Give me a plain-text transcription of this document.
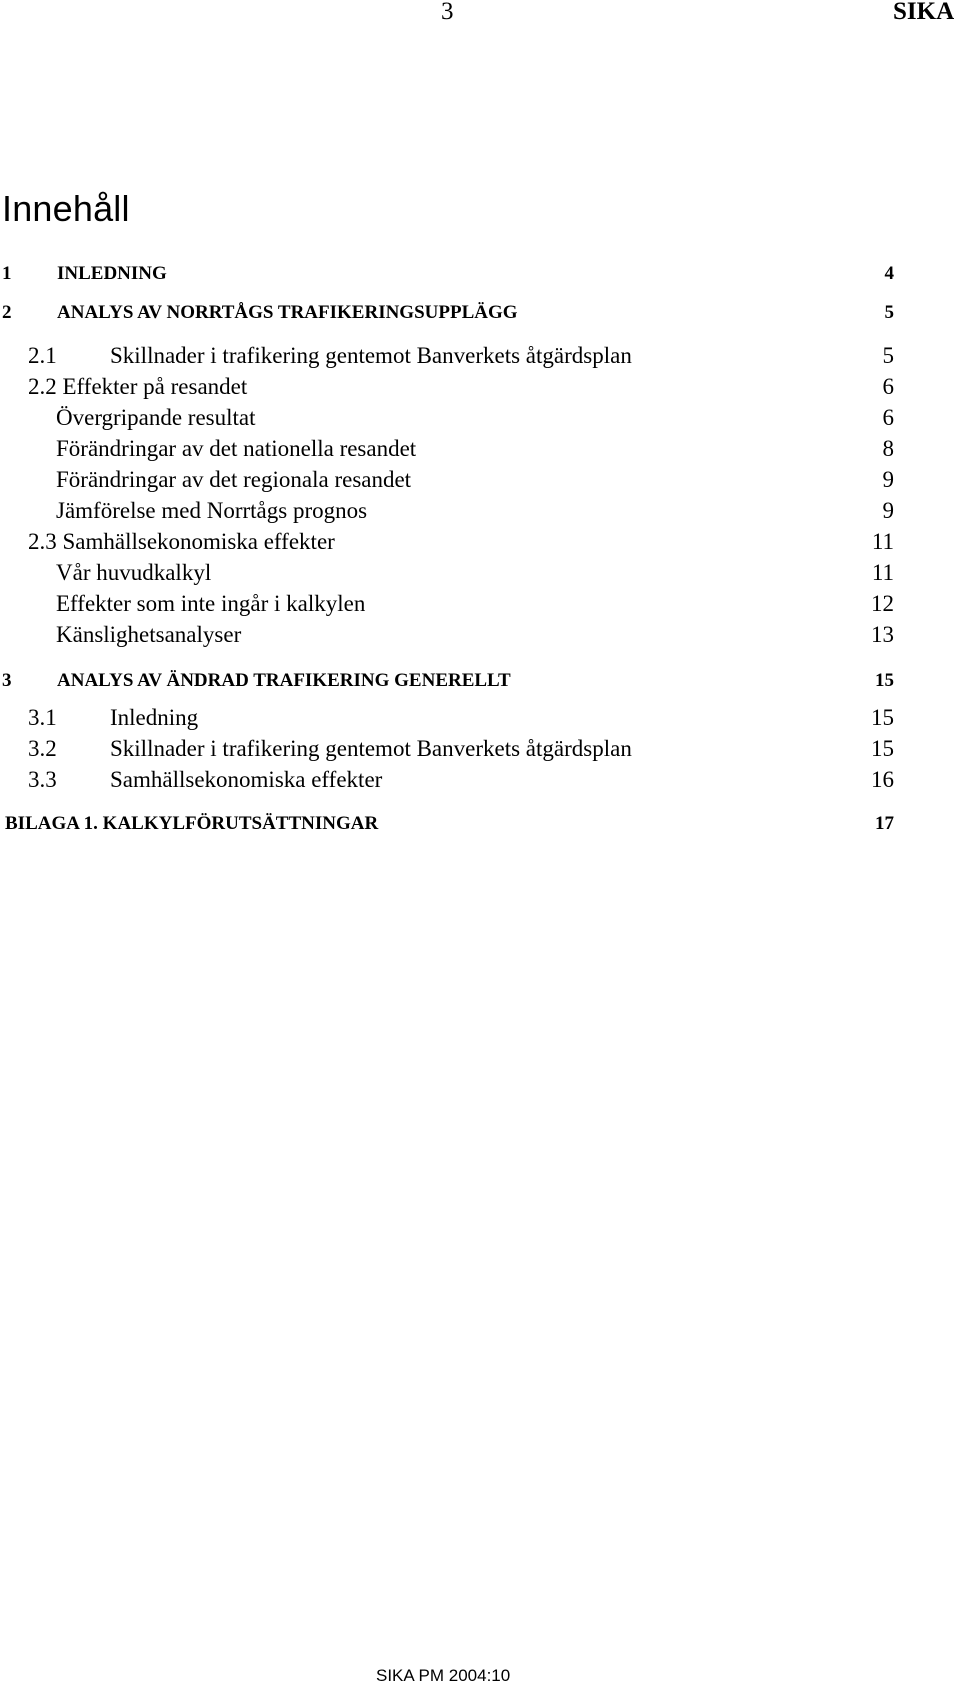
3	SIKA
Innehåll
1 INLEDNING	4
2 ANALYS AV NORRTÅGS TRAFIKERINGSUPPLÄGG	5
2.1 Skillnader i trafikering gentemot Banverkets åtgärdsplan	5
2.2 Effekter på resandet	6
Övergripande resultat	6
Förändringar av det nationella resandet	8
Förändringar av det regionala resandet	9
Jämförelse med Norrtågs prognos	9
2.3 Samhällsekonomiska effekter	11
Vår huvudkalkyl	11
Effekter som inte ingår i kalkylen	12
Känslighetsanalyser	13
3 ANALYS AV ÄNDRAD TRAFIKERING GENERELLT	15
3.1 Inledning	15
3.2 Skillnader i trafikering gentemot Banverkets åtgärdsplan	15
3.3 Samhällsekonomiska effekter	16
BILAGA 1. KALKYLFÖRUTSÄTTNINGAR	17
SIKA PM 2004:10
